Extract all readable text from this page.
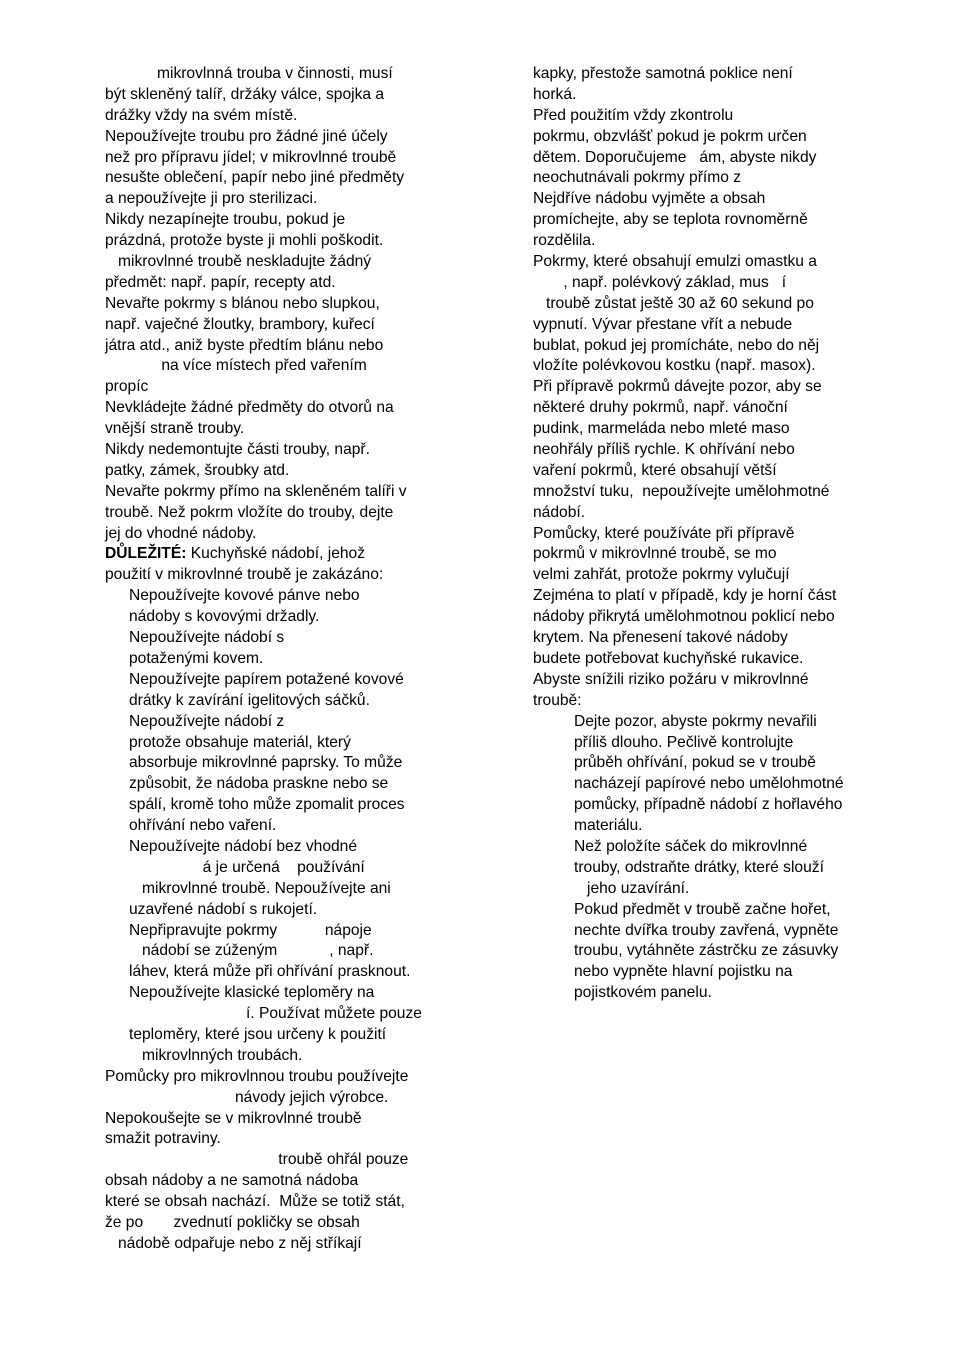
mikrovlnná trouba v činnosti, musí
být skleněný talíř, držáky válce, spojka a
drážky vždy na svém místě.
Nepoužívejte troubu pro žádné jiné účely
než pro přípravu jídel; v mikrovlnné troubě
nesušte oblečení, papír nebo jiné předměty
a nepoužívejte ji pro sterilizaci.
Nikdy nezapínejte troubu, pokud je
prázdná, protože byste ji mohli poškodit.
mikrovlnné troubě neskladujte žádný
předmět: např. papír, recepty atd.
Nevařte pokrmy s blánou nebo slupkou,
např. vaječné žloutky, brambory, kuřecí
játra atd., aniž byste předtím blánu nebo
na více místech před vařením
propíc
Nevkládejte žádné předměty do otvorů na
vnější straně trouby.
Nikdy nedemontujte části trouby, např.
patky, zámek, šroubky atd.
Nevařte pokrmy přímo na skleněném talíři v
troubě. Než pokrm vložíte do trouby, dejte
jej do vhodné nádoby.
DŮLEŽITÉ: Kuchyňské nádobí, jehož
použití v mikrovlnné troubě je zakázáno:
Nepoužívejte kovové pánve nebo
nádoby s kovovými držadly.
Nepoužívejte nádobí s
potaženými kovem.
Nepoužívejte papírem potažené kovové
drátky k zavírání igelitových sáčků.
Nepoužívejte nádobí z
protože obsahuje materiál, který
absorbuje mikrovlnné paprsky. To může
způsobit, že nádoba praskne nebo se
spálí, kromě toho může zpomalit proces
ohřívání nebo vaření.
Nepoužívejte nádobí bez vhodné
á je určená    používání
mikrovlnné troubě. Nepoužívejte ani
uzavřené nádobí s rukojetí.
Nepřipravujte pokrmy           nápoje
nádobí se zúženým            , např.
láhev, která může při ohřívání prasknout.
Nepoužívejte klasické teploměry na
í. Používat můžete pouze
teploměry, které jsou určeny k použití
mikrovlnných troubách.
Pomůcky pro mikrovlnnou troubu používejte
návody jejich výrobce.
Nepokoušejte se v mikrovlnné troubě
smažit potraviny.
troubě ohřál pouze
obsah nádoby a ne samotná nádoba
které se obsah nachází.  Může se totiž stát,
že po       zvednutí pokličky se obsah
nádobě odpařuje nebo z něj stříkají
kapky, přestože samotná poklice není
horká.
Před použitím vždy zkontrolu
pokrmu, obzvlášť pokud je pokrm určen
dětem. Doporučujeme   ám, abyste nikdy
neochutnávali pokrmy přímo z
Nejdříve nádobu vyjměte a obsah
promíchejte, aby se teplota rovnoměrně
rozdělila.
Pokrmy, které obsahují emulzi omastku a
, např. polévkový základ, mus   í
troubě zůstat ještě 30 až 60 sekund po
vypnutí. Vývar přestane vřít a nebude
bublat, pokud jej promícháte, nebo do něj
vložíte polévkovou kostku (např. masox).
Při přípravě pokrmů dávejte pozor, aby se
některé druhy pokrmů, např. vánoční
pudink, marmeláda nebo mleté maso
neohřály příliš rychle. K ohřívání nebo
vaření pokrmů, které obsahují větší
množství tuku,  nepoužívejte umělohmotné
nádobí.
Pomůcky, které používáte při přípravě
pokrmů v mikrovlnné troubě, se mo
velmi zahřát, protože pokrmy vylučují
Zejména to platí v případě, kdy je horní část
nádoby přikrytá umělohmotnou poklicí nebo
krytem. Na přenesení takové nádoby
budete potřebovat kuchyňské rukavice.
Abyste snížili riziko požáru v mikrovlnné
troubě:
Dejte pozor, abyste pokrmy nevařili
příliš dlouho. Pečlivě kontrolujte
průběh ohřívání, pokud se v troubě
nacházejí papírové nebo umělohmotné
pomůcky, případně nádobí z hořlavého
materiálu.
Než položíte sáček do mikrovlnné
trouby, odstraňte drátky, které slouží
jeho uzavírání.
Pokud předmět v troubě začne hořet,
nechte dvířka trouby zavřená, vypněte
troubu, vytáhněte zástrčku ze zásuvky
nebo vypněte hlavní pojistku na
pojistkovém panelu.
